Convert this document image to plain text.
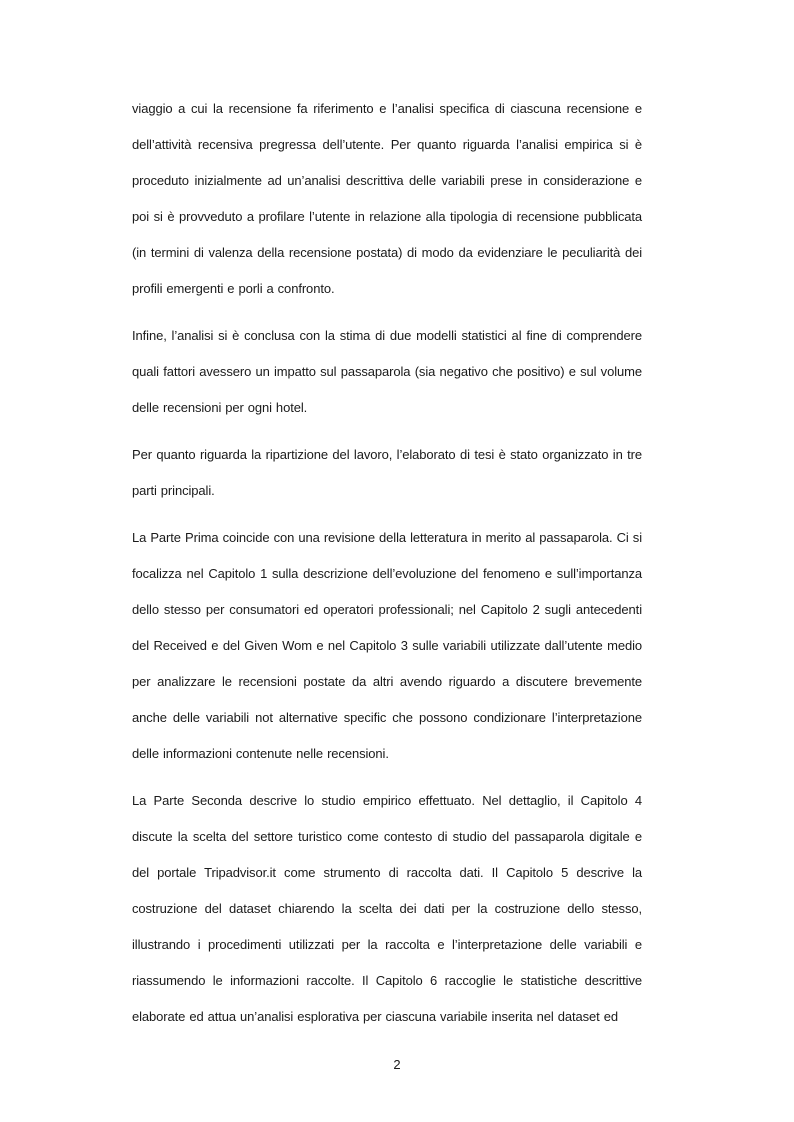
viaggio a cui la recensione fa riferimento e l’analisi specifica di ciascuna recensione e dell’attività recensiva pregressa dell’utente. Per quanto riguarda l’analisi empirica si è proceduto inizialmente ad un’analisi descrittiva delle variabili prese in considerazione e poi si è provveduto a profilare l’utente in relazione alla tipologia di recensione pubblicata (in termini di valenza della recensione postata) di modo da evidenziare le peculiarità dei profili emergenti e porli a confronto.

Infine, l’analisi si è conclusa con la stima di due modelli statistici al fine di comprendere quali fattori avessero un impatto sul passaparola (sia negativo che positivo) e sul volume delle recensioni per ogni hotel.

Per quanto riguarda la ripartizione del lavoro, l’elaborato di tesi è stato organizzato in tre parti principali.

La Parte Prima coincide con una revisione della letteratura in merito al passaparola. Ci si focalizza nel Capitolo 1 sulla descrizione dell’evoluzione del fenomeno e sull’importanza dello stesso per consumatori ed operatori professionali; nel Capitolo 2 sugli antecedenti del Received e del Given Wom e nel Capitolo 3 sulle variabili utilizzate dall’utente medio per analizzare le recensioni postate da altri avendo riguardo a discutere brevemente anche delle variabili not alternative specific che possono condizionare l’interpretazione delle informazioni contenute nelle recensioni.

La Parte Seconda descrive lo studio empirico effettuato. Nel dettaglio, il Capitolo 4 discute la scelta del settore turistico come contesto di studio del passaparola digitale e del portale Tripadvisor.it come strumento di raccolta dati. Il Capitolo 5 descrive la costruzione del dataset chiarendo la scelta dei dati per la costruzione dello stesso, illustrando i procedimenti utilizzati per la raccolta e l’interpretazione delle variabili e riassumendo le informazioni raccolte. Il Capitolo 6 raccoglie le statistiche descrittive elaborate ed attua un’analisi esplorativa per ciascuna variabile inserita nel dataset ed

2
